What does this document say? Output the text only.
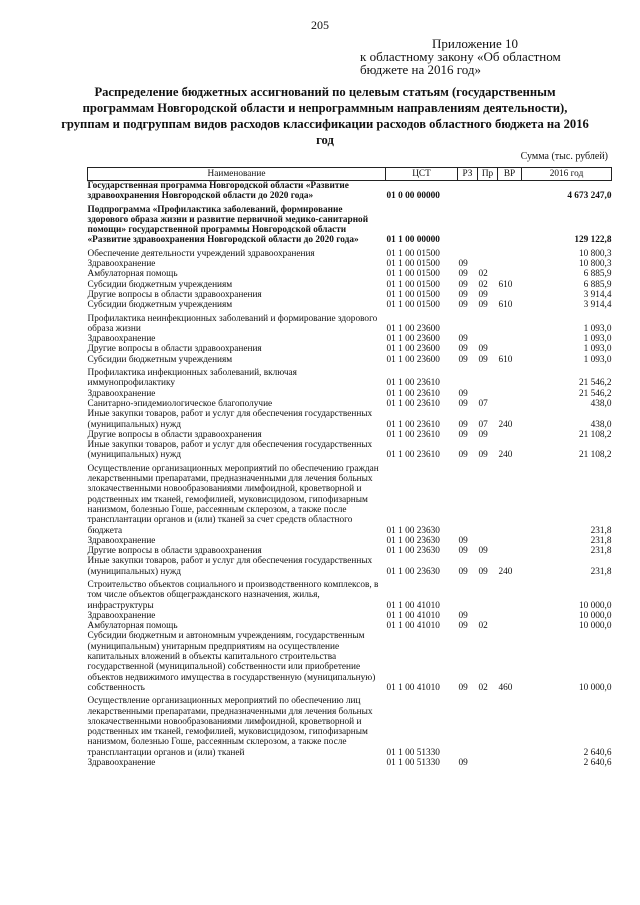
205
Приложение 10
к областному закону «Об областном
бюджете на 2016 год»
Распределение бюджетных ассигнований по целевым статьям (государственным программам Новгородской области и непрограммным направлениям деятельности), группам и подгруппам видов расходов классификации расходов областного бюджета на 2016 год
Сумма (тыс. рублей)
Наименование	ЦСТ	РЗ	Пр	ВР	2016 год
Государственная программа Новгородской области «Развитие здравоохранения Новгородской области до 2020 года»	01 0 00 00000				4 673 247,0
Подпрограмма «Профилактика заболеваний, формирование здорового образа жизни и развитие первичной медико-санитарной помощи» государственной программы Новгородской области «Развитие здравоохранения Новгородской области до 2020 года»	01 1 00 00000				129 122,8
Обеспечение деятельности учреждений здравоохранения	01 1 00 01500				10 800,3
Здравоохранение	01 1 00 01500	09			10 800,3
Амбулаторная помощь	01 1 00 01500	09	02		6 885,9
Субсидии бюджетным учреждениям	01 1 00 01500	09	02	610	6 885,9
Другие вопросы в области здравоохранения	01 1 00 01500	09	09		3 914,4
Субсидии бюджетным учреждениям	01 1 00 01500	09	09	610	3 914,4
Профилактика неинфекционных заболеваний и формирование здорового образа жизни	01 1 00 23600				1 093,0
Здравоохранение	01 1 00 23600	09			1 093,0
Другие вопросы в области здравоохранения	01 1 00 23600	09	09		1 093,0
Субсидии бюджетным учреждениям	01 1 00 23600	09	09	610	1 093,0
Профилактика инфекционных заболеваний, включая иммунопрофилактику	01 1 00 23610				21 546,2
Здравоохранение	01 1 00 23610	09			21 546,2
Санитарно-эпидемиологическое благополучие	01 1 00 23610	09	07		438,0
Иные закупки товаров, работ и услуг для обеспечения государственных (муниципальных) нужд	01 1 00 23610	09	07	240	438,0
Другие вопросы в области здравоохранения	01 1 00 23610	09	09		21 108,2
Иные закупки товаров, работ и услуг для обеспечения государственных (муниципальных) нужд	01 1 00 23610	09	09	240	21 108,2
Осуществление организационных мероприятий по обеспечению граждан лекарственными препаратами, предназначенными для лечения больных злокачественными новообразованиями лимфоидной, кроветворной и родственных им тканей, гемофилией, муковисцидозом, гипофизарным нанизмом, болезнью Гоше, рассеянным склерозом, а также после трансплантации органов и (или) тканей за счет средств областного бюджета	01 1 00 23630				231,8
Здравоохранение	01 1 00 23630	09			231,8
Другие вопросы в области здравоохранения	01 1 00 23630	09	09		231,8
Иные закупки товаров, работ и услуг для обеспечения государственных (муниципальных) нужд	01 1 00 23630	09	09	240	231,8
Строительство объектов социального и производственного комплексов, в том числе объектов общегражданского назначения, жилья, инфраструктуры	01 1 00 41010				10 000,0
Здравоохранение	01 1 00 41010	09			10 000,0
Амбулаторная помощь	01 1 00 41010	09	02		10 000,0
Субсидии бюджетным и автономным учреждениям, государственным (муниципальным) унитарным предприятиям на осуществление капитальных вложений в объекты капитального строительства государственной (муниципальной) собственности или приобретение объектов недвижимого имущества в государственную (муниципальную) собственность	01 1 00 41010	09	02	460	10 000,0
Осуществление организационных мероприятий по обеспечению лиц лекарственными препаратами, предназначенными для лечения больных злокачественными новообразованиями лимфоидной, кроветворной и родственных им тканей, гемофилией, муковисцидозом, гипофизарным нанизмом, болезнью Гоше, рассеянным склерозом, а также после трансплантации органов и (или) тканей	01 1 00 51330				2 640,6
Здравоохранение	01 1 00 51330	09			2 640,6
